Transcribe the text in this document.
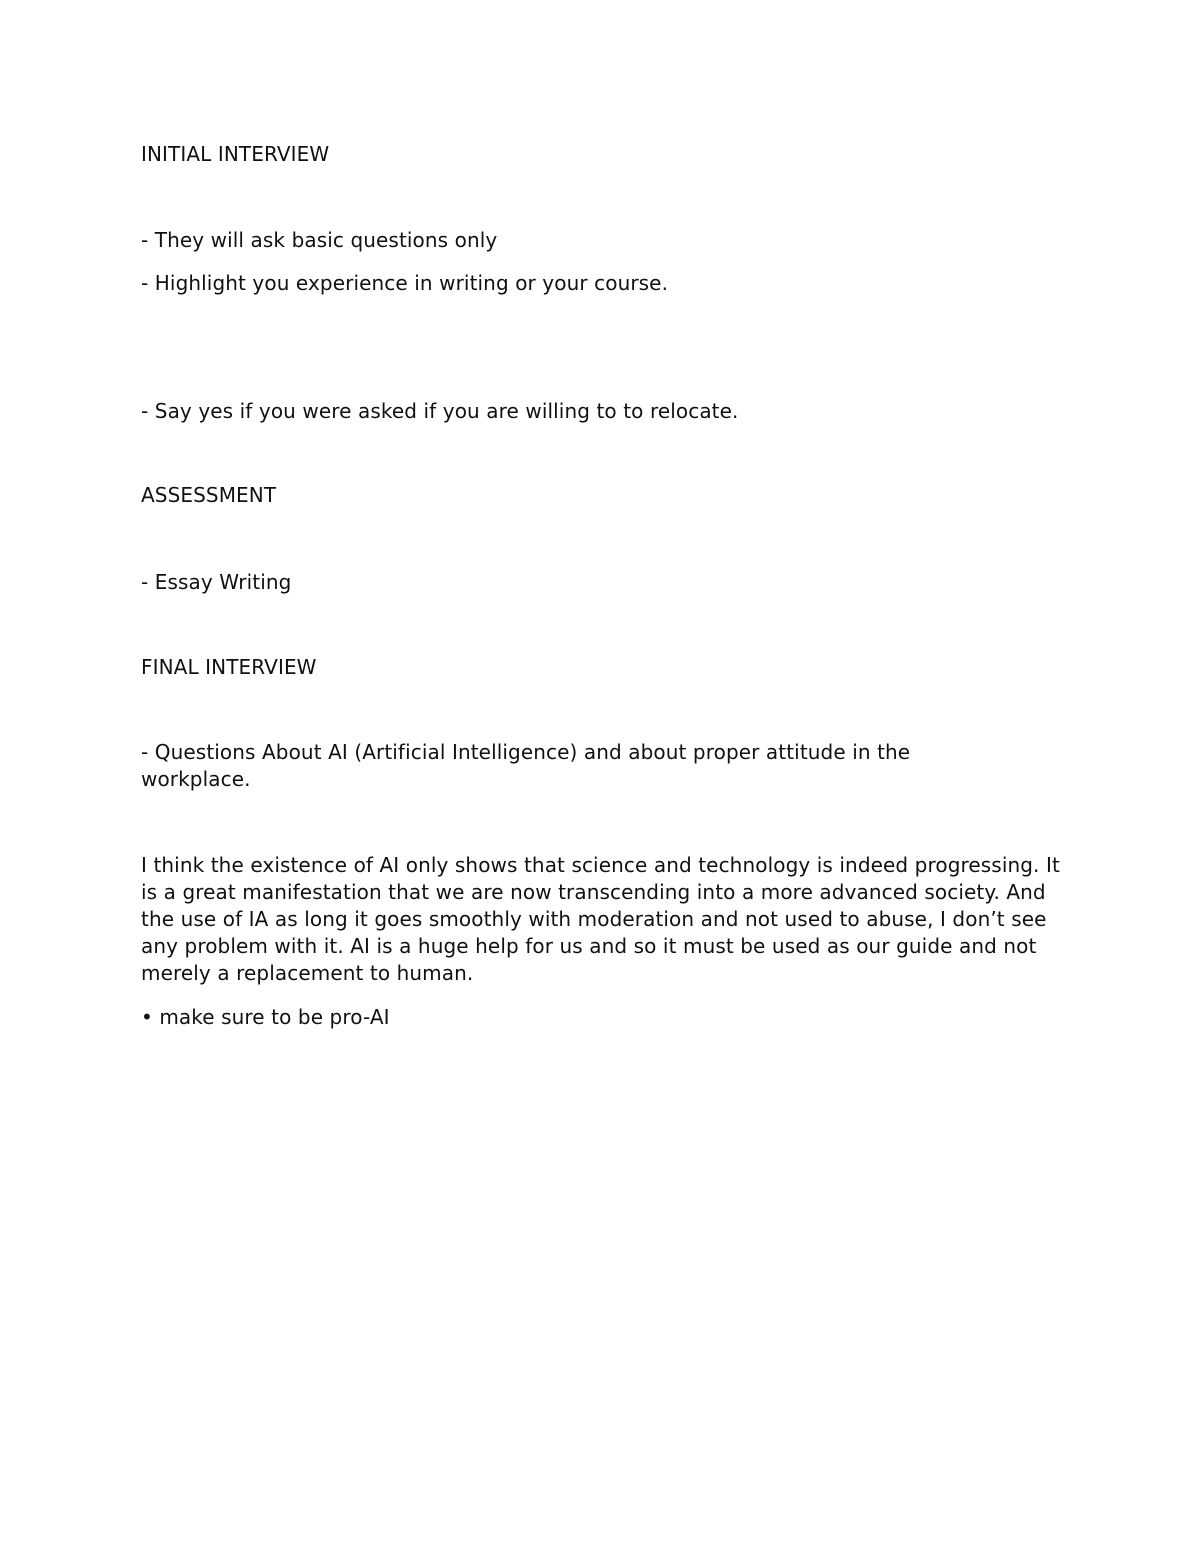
INITIAL INTERVIEW

- They will ask basic questions only

- Highlight you experience in writing or your course.

- Say yes if you were asked if you are willing to to relocate.

ASSESSMENT

- Essay Writing

FINAL INTERVIEW

- Questions About AI (Artificial Intelligence) and about proper attitude in the workplace.

I think the existence of AI only shows that science and technology is indeed progressing. It is a great manifestation that we are now transcending into a more advanced society. And the use of IA as long it goes smoothly with moderation and not used to abuse, I don’t see any problem with it. AI is a huge help for us and so it must be used as our guide and not merely a replacement to human.

• make sure to be pro-AI
